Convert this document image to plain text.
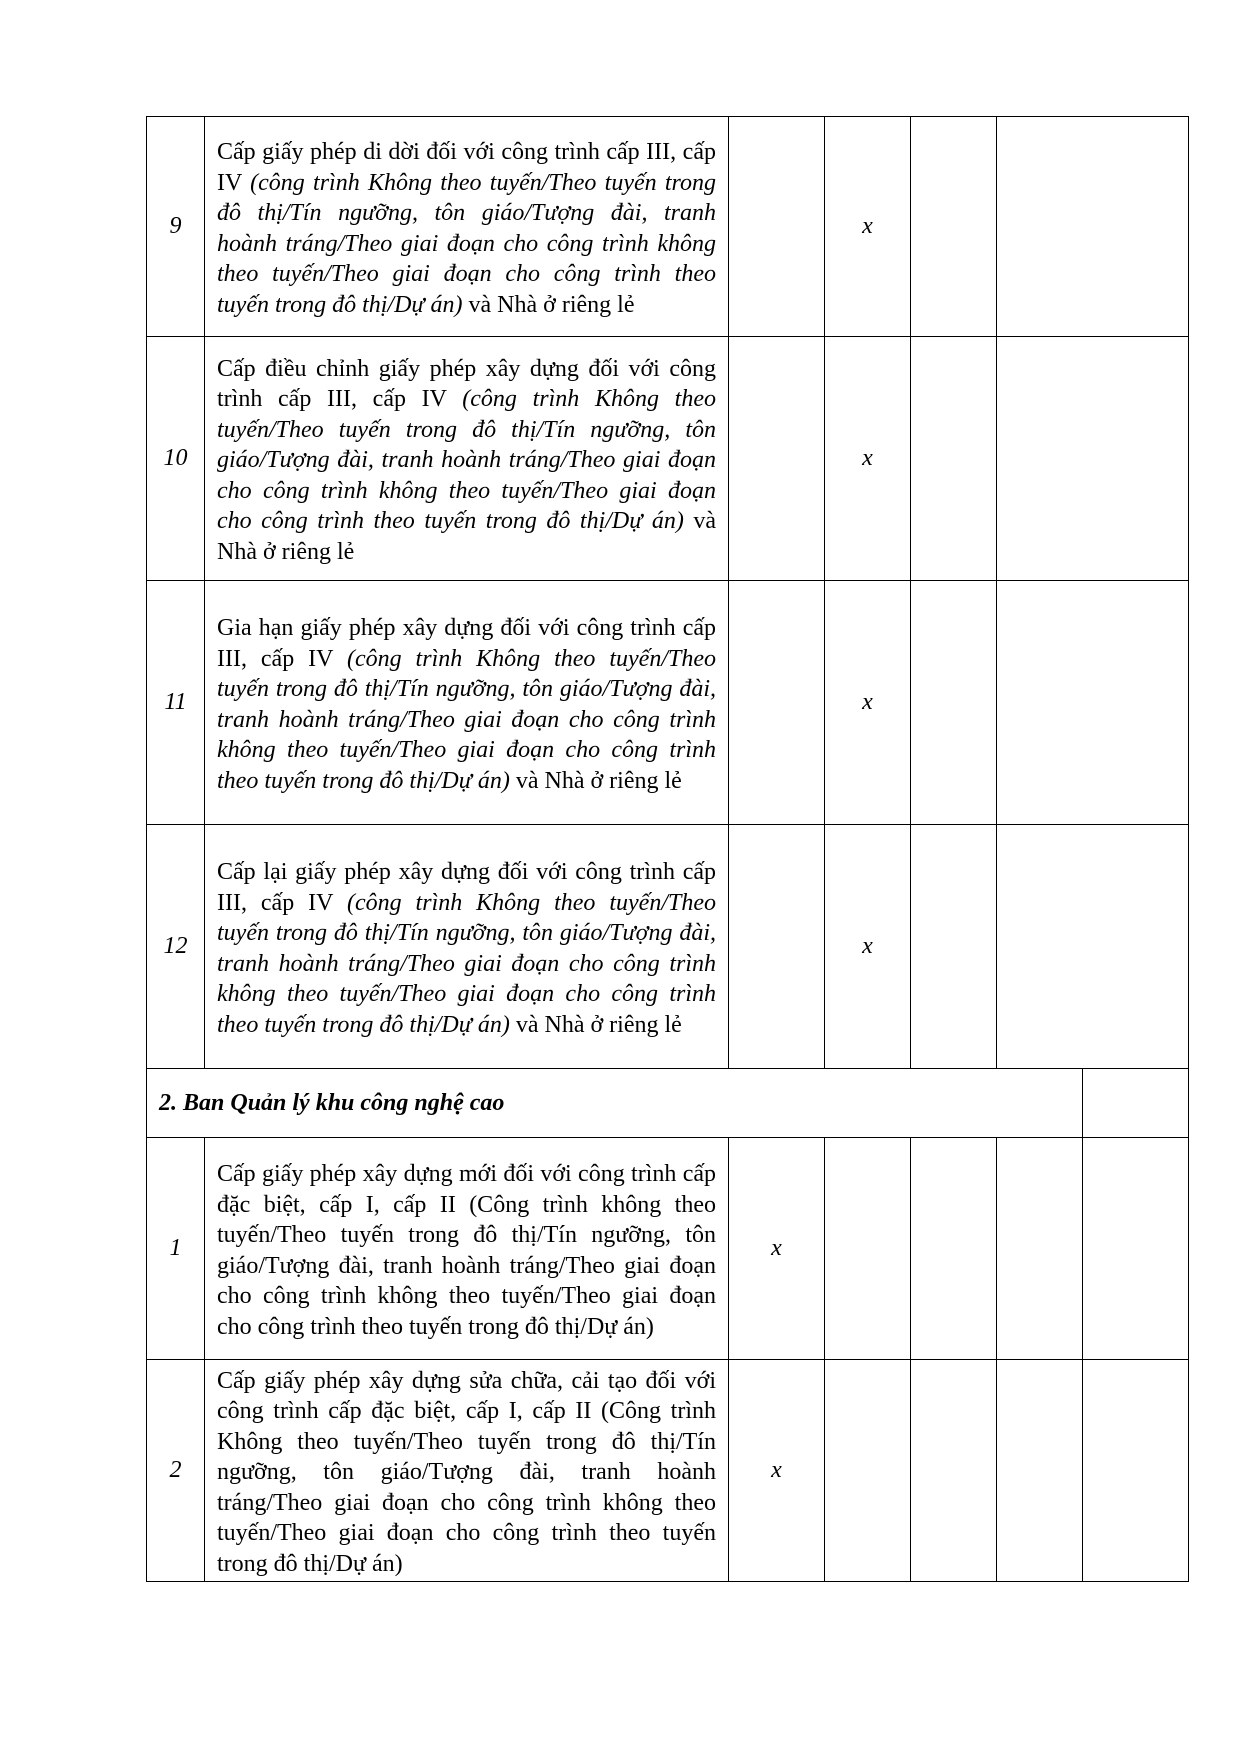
9	Cấp giấy phép di dời đối với công trình cấp III, cấp IV (công trình Không theo tuyến/Theo tuyến trong đô thị/Tín ngưỡng, tôn giáo/Tượng đài, tranh hoành tráng/Theo giai đoạn cho công trình không theo tuyến/Theo giai đoạn cho công trình theo tuyến trong đô thị/Dự án) và Nhà ở riêng lẻ		x			
10	Cấp điều chỉnh giấy phép xây dựng đối với công trình cấp III, cấp IV (công trình Không theo tuyến/Theo tuyến trong đô thị/Tín ngưỡng, tôn giáo/Tượng đài, tranh hoành tráng/Theo giai đoạn cho công trình không theo tuyến/Theo giai đoạn cho công trình theo tuyến trong đô thị/Dự án) và Nhà ở riêng lẻ		x			
11	Gia hạn giấy phép xây dựng đối với công trình cấp III, cấp IV (công trình Không theo tuyến/Theo tuyến trong đô thị/Tín ngưỡng, tôn giáo/Tượng đài, tranh hoành tráng/Theo giai đoạn cho công trình không theo tuyến/Theo giai đoạn cho công trình theo tuyến trong đô thị/Dự án) và Nhà ở riêng lẻ		x			
12	Cấp lại giấy phép xây dựng đối với công trình cấp III, cấp IV (công trình Không theo tuyến/Theo tuyến trong đô thị/Tín ngưỡng, tôn giáo/Tượng đài, tranh hoành tráng/Theo giai đoạn cho công trình không theo tuyến/Theo giai đoạn cho công trình theo tuyến trong đô thị/Dự án) và Nhà ở riêng lẻ		x			
2. Ban Quản lý khu công nghệ cao						
1	Cấp giấy phép xây dựng mới đối với công trình cấp đặc biệt, cấp I, cấp II (Công trình không theo tuyến/Theo tuyến trong đô thị/Tín ngưỡng, tôn giáo/Tượng đài, tranh hoành tráng/Theo giai đoạn cho công trình không theo tuyến/Theo giai đoạn cho công trình theo tuyến trong đô thị/Dự án)	x				
2	Cấp giấy phép xây dựng sửa chữa, cải tạo đối với công trình cấp đặc biệt, cấp I, cấp II (Công trình Không theo tuyến/Theo tuyến trong đô thị/Tín ngưỡng, tôn giáo/Tượng đài, tranh hoành tráng/Theo giai đoạn cho công trình không theo tuyến/Theo giai đoạn cho công trình theo tuyến trong đô thị/Dự án)	x				
